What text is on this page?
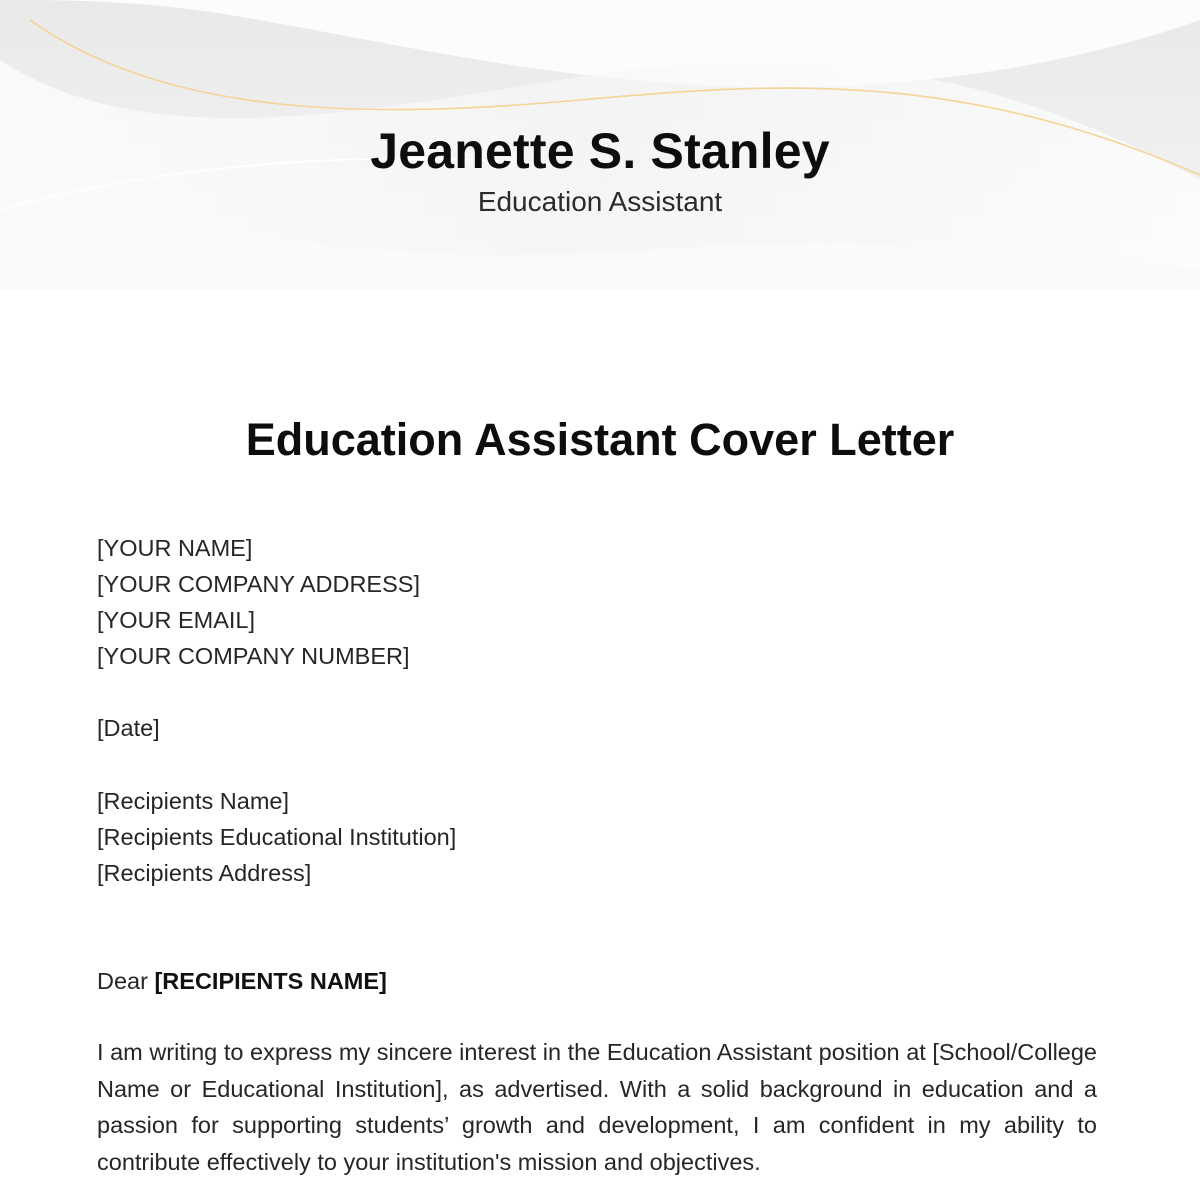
Jeanette S. Stanley
Education Assistant
Education Assistant Cover Letter
[YOUR NAME]
[YOUR COMPANY ADDRESS]
[YOUR EMAIL]
[YOUR COMPANY NUMBER]
[Date]
[Recipients Name]
[Recipients Educational Institution]
[Recipients Address]
Dear [RECIPIENTS NAME]
I am writing to express my sincere interest in the Education Assistant position at [School/College Name or Educational Institution], as advertised. With a solid background in education and a passion for supporting students’ growth and development, I am confident in my ability to contribute effectively to your institution's mission and objectives.
